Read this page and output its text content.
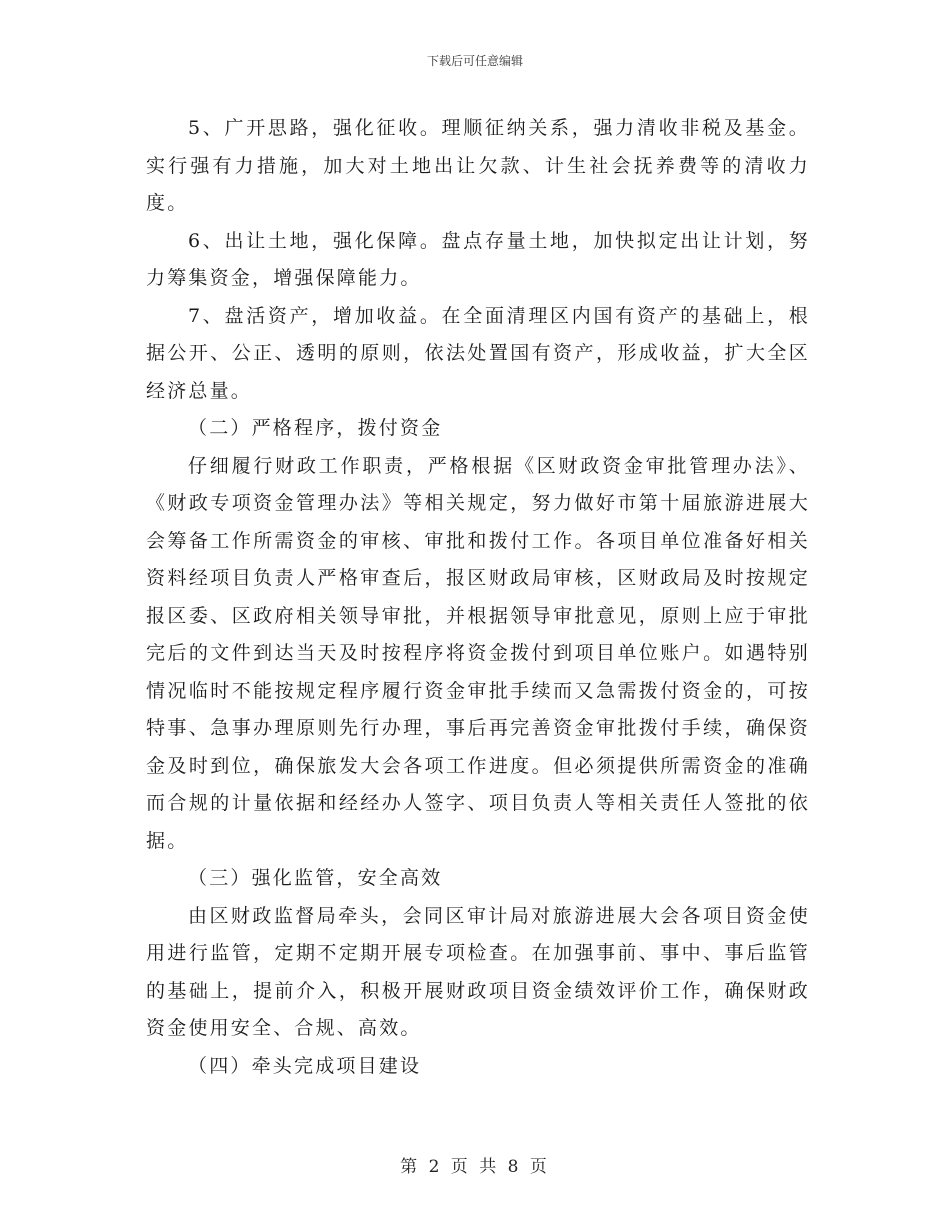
下载后可任意编辑

5、广开思路，强化征收。理顺征纳关系，强力清收非税及基金。实行强有力措施，加大对土地出让欠款、计生社会抚养费等的清收力度。

6、出让土地，强化保障。盘点存量土地，加快拟定出让计划，努力筹集资金，增强保障能力。

7、盘活资产，增加收益。在全面清理区内国有资产的基础上，根据公开、公正、透明的原则，依法处置国有资产，形成收益，扩大全区经济总量。

（二）严格程序，拨付资金

仔细履行财政工作职责，严格根据《区财政资金审批管理办法》、《财政专项资金管理办法》等相关规定，努力做好市第十届旅游进展大会筹备工作所需资金的审核、审批和拨付工作。各项目单位准备好相关资料经项目负责人严格审查后，报区财政局审核，区财政局及时按规定报区委、区政府相关领导审批，并根据领导审批意见，原则上应于审批完后的文件到达当天及时按程序将资金拨付到项目单位账户。如遇特别情况临时不能按规定程序履行资金审批手续而又急需拨付资金的，可按特事、急事办理原则先行办理，事后再完善资金审批拨付手续，确保资金及时到位，确保旅发大会各项工作进度。但必须提供所需资金的准确而合规的计量依据和经经办人签字、项目负责人等相关责任人签批的依据。

（三）强化监管，安全高效

由区财政监督局牵头，会同区审计局对旅游进展大会各项目资金使用进行监管，定期不定期开展专项检查。在加强事前、事中、事后监管的基础上，提前介入，积极开展财政项目资金绩效评价工作，确保财政资金使用安全、合规、高效。

（四）牵头完成项目建设

第 2 页 共 8 页
